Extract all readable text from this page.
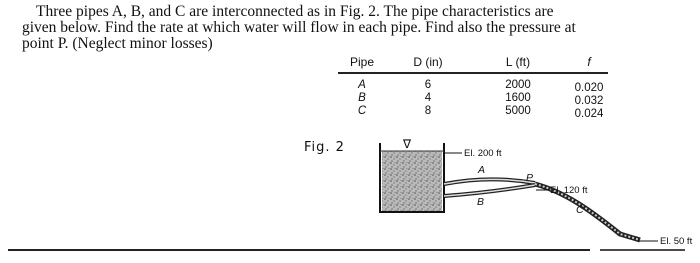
Three pipes A, B, and C are interconnected as in Fig. 2. The pipe characteristics are
given below. Find the rate at which water will flow in each pipe. Find also the pressure at
point P. (Neglect minor losses)
Pipe	D (in)	L (ft)	f
A	6	2000	0.020
B	4	1600	0.032
C	8	5000	0.024
Fig. 2	∇
El. 200 ft
A
B
P
El. 120 ft
C
El. 50 ft
